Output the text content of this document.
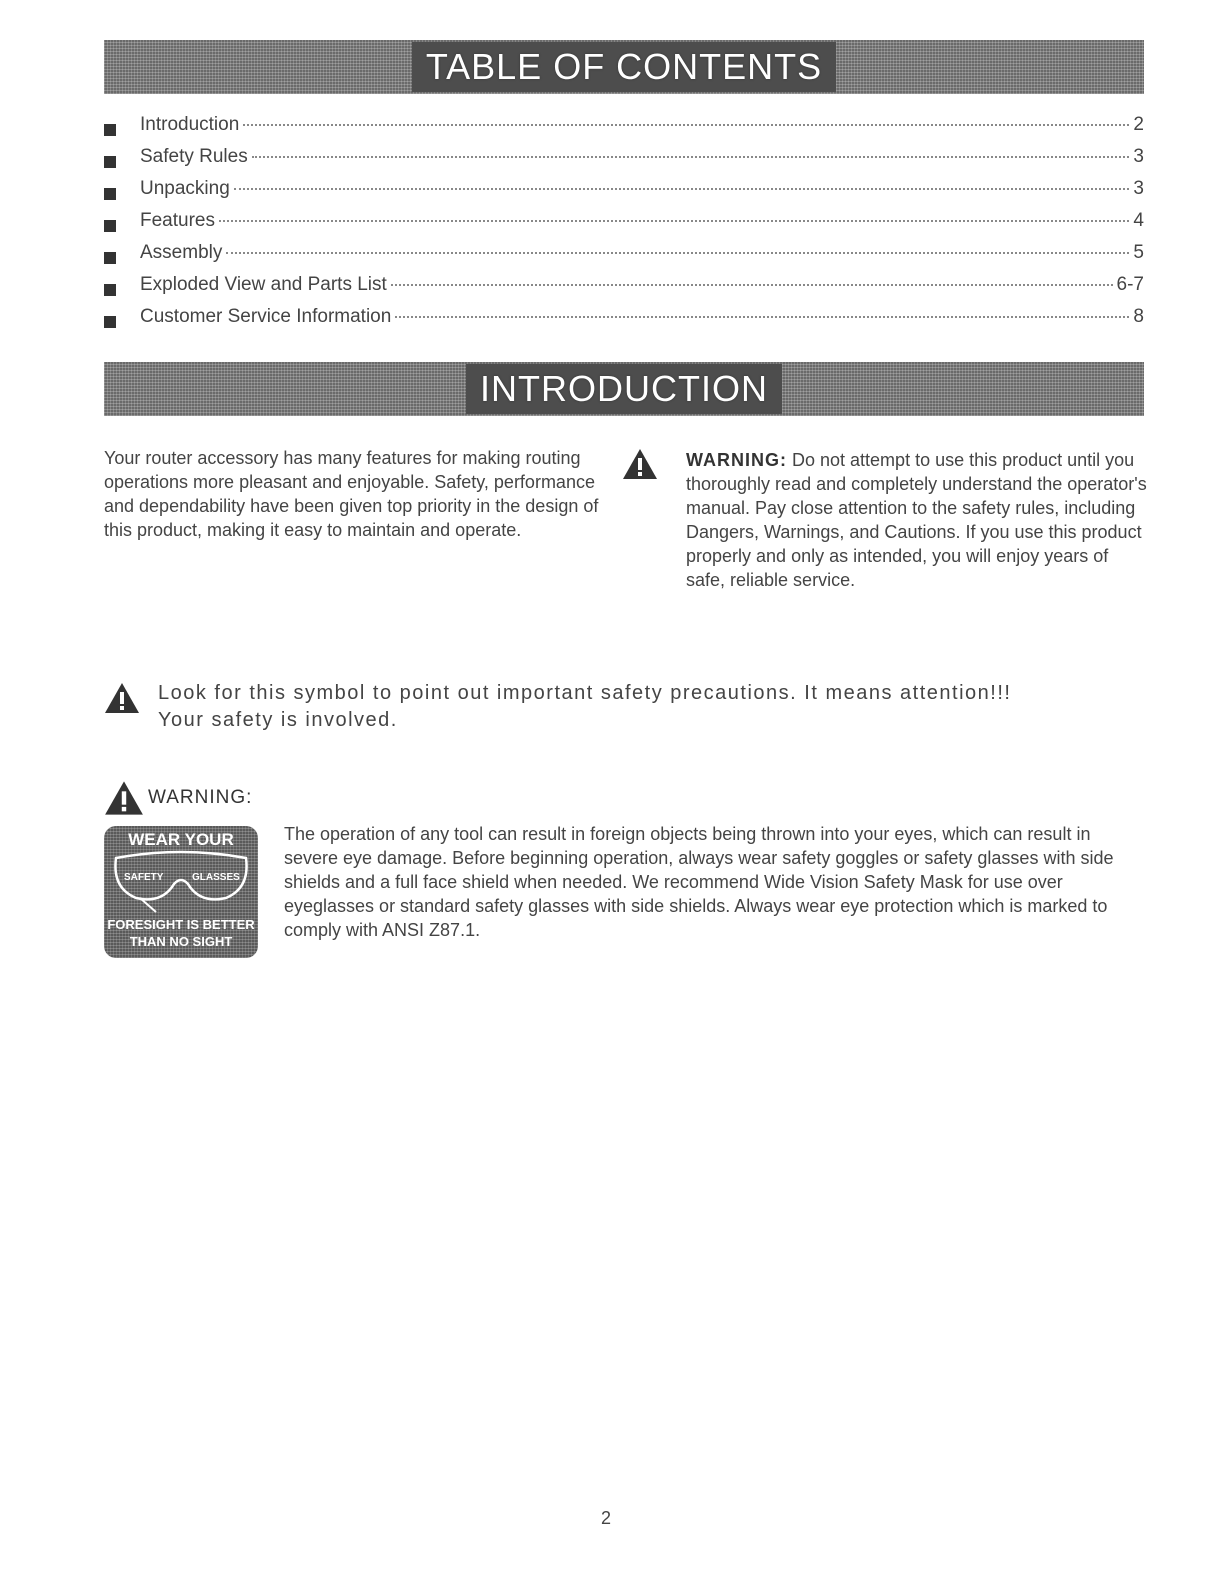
TABLE OF CONTENTS
Introduction	2
Safety Rules	3
Unpacking	3
Features	4
Assembly	5
Exploded View and Parts List	6-7
Customer Service Information	8
INTRODUCTION

Your router accessory has many features for making routing operations more pleasant and enjoyable. Safety, performance and dependability have been given top priority in the design of this product, making it easy to maintain and operate.

WARNING: Do not attempt to use this product until you thoroughly read and completely understand the operator's manual. Pay close attention to the safety rules, including Dangers, Warnings, and Cautions. If you use this product properly and only as intended, you will enjoy years of safe, reliable service.

Look for this symbol to point out important safety precautions. It means attention!!!
Your safety is involved.

WARNING:
WEAR YOUR
SAFETY	GLASSES
FORESIGHT IS BETTER
THAN NO SIGHT

The operation of any tool can result in foreign objects being thrown into your eyes, which can result in severe eye damage. Before beginning operation, always wear safety goggles or safety glasses with side shields and a full face shield when needed. We recommend Wide Vision Safety Mask for use over eyeglasses or standard safety glasses with side shields. Always wear eye protection which is marked to comply with ANSI Z87.1.

2
